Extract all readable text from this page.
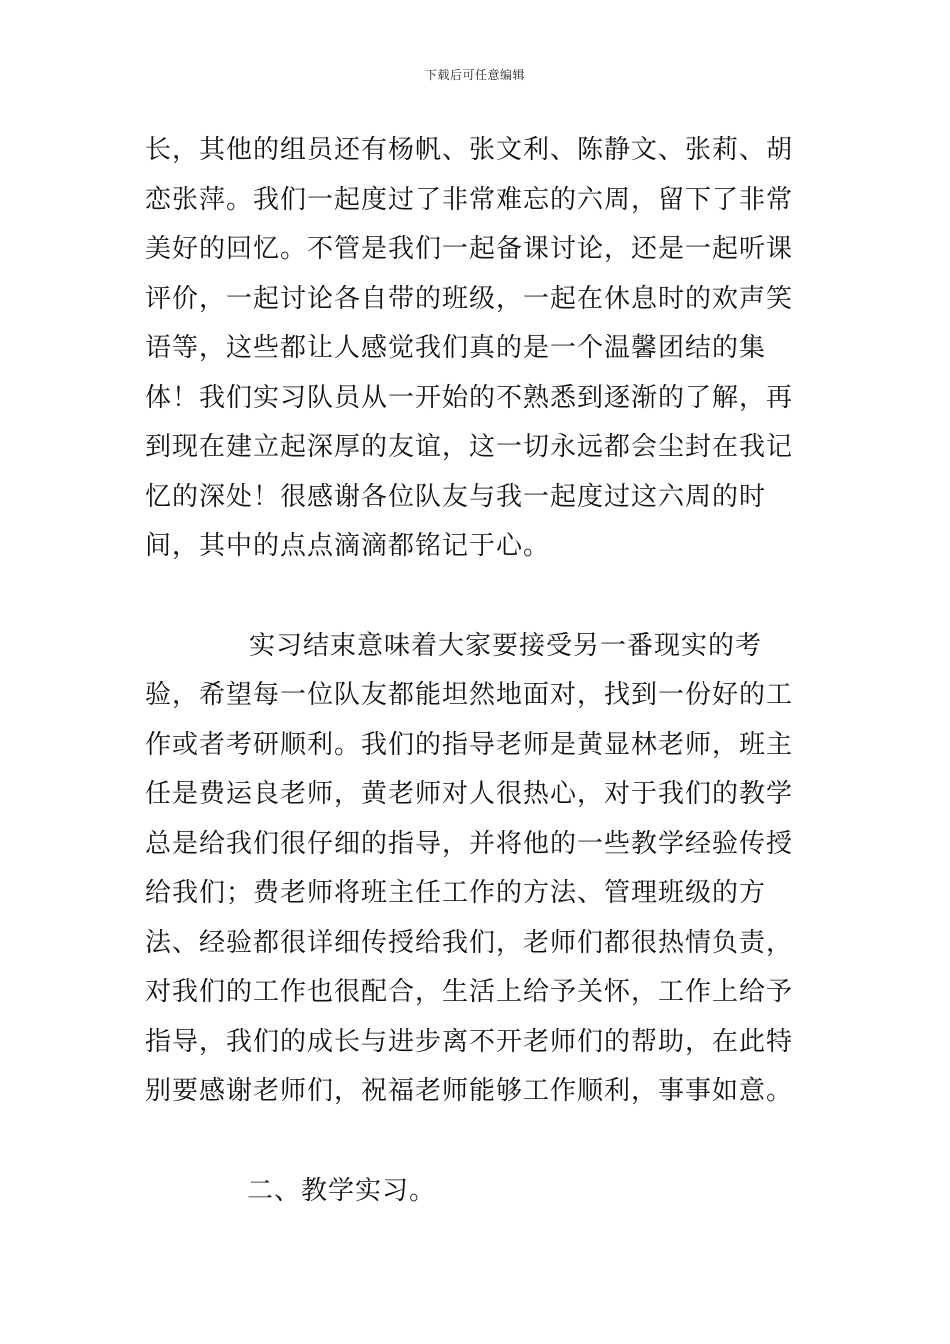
下载后可任意编辑

长，其他的组员还有杨帆、张文利、陈静文、张莉、胡恋张萍。我们一起度过了非常难忘的六周，留下了非常美好的回忆。不管是我们一起备课讨论，还是一起听课评价，一起讨论各自带的班级，一起在休息时的欢声笑语等，这些都让人感觉我们真的是一个温馨团结的集体！我们实习队员从一开始的不熟悉到逐渐的了解，再到现在建立起深厚的友谊，这一切永远都会尘封在我记忆的深处！很感谢各位队友与我一起度过这六周的时间，其中的点点滴滴都铭记于心。

实习结束意味着大家要接受另一番现实的考验，希望每一位队友都能坦然地面对，找到一份好的工作或者考研顺利。我们的指导老师是黄显林老师，班主任是费运良老师，黄老师对人很热心，对于我们的教学总是给我们很仔细的指导，并将他的一些教学经验传授给我们；费老师将班主任工作的方法、管理班级的方法、经验都很详细传授给我们，老师们都很热情负责，对我们的工作也很配合，生活上给予关怀，工作上给予指导，我们的成长与进步离不开老师们的帮助，在此特别要感谢老师们，祝福老师能够工作顺利，事事如意。

二、教学实习。
